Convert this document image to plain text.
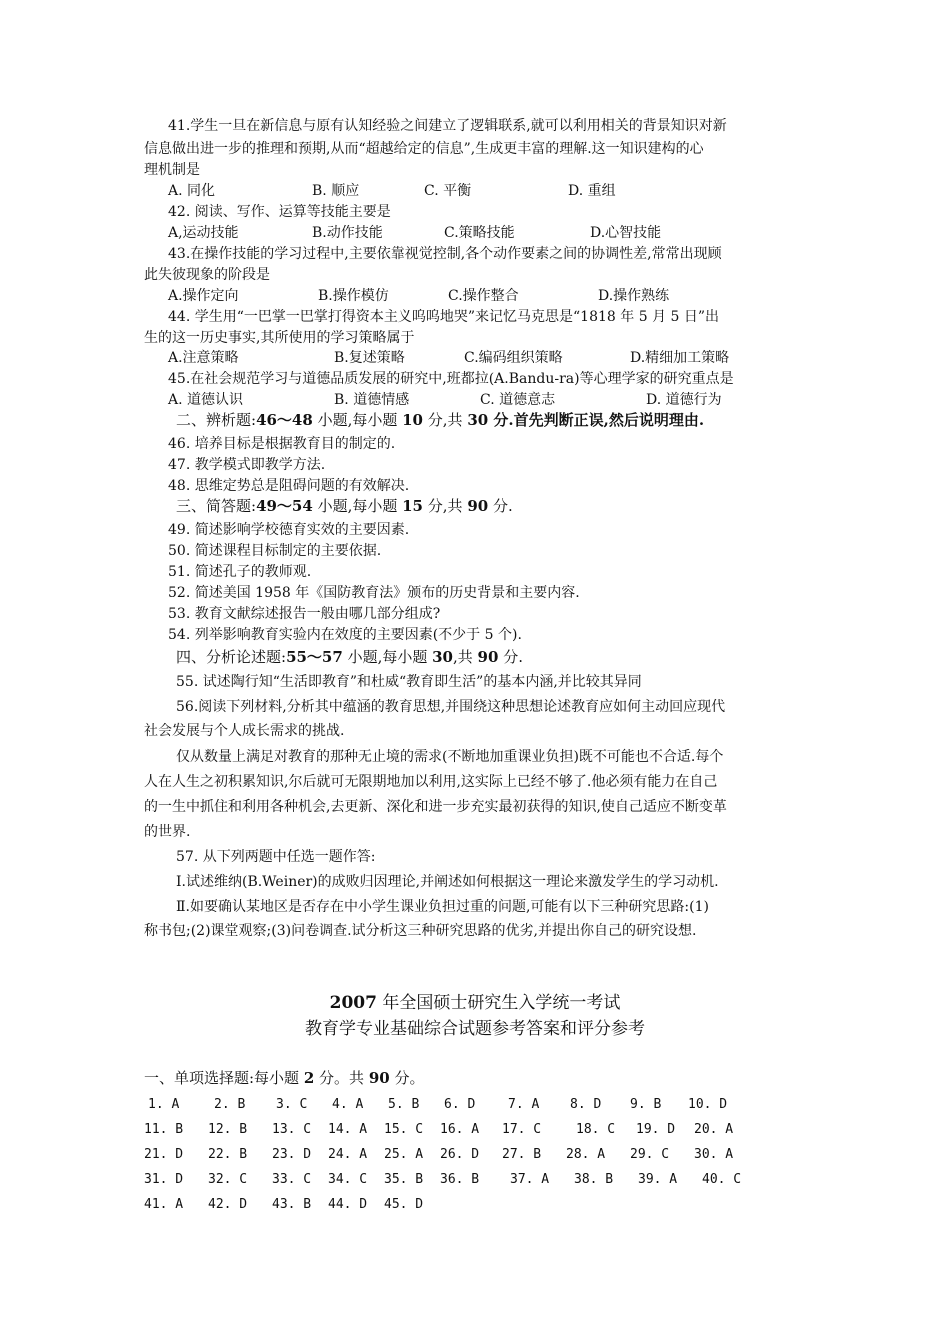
41.学生一旦在新信息与原有认知经验之间建立了逻辑联系,就可以利用相关的背景知识对新
信息做出进一步的推理和预期,从而“超越给定的信息”,生成更丰富的理解.这一知识建构的心
理机制是
A. 同化	B. 顺应	C. 平衡	D. 重组
42. 阅读、写作、运算等技能主要是
A,运动技能	B.动作技能	C.策略技能	D.心智技能
43.在操作技能的学习过程中,主要依靠视觉控制,各个动作要素之间的协调性差,常常出现顾
此失彼现象的阶段是
A.操作定向	B.操作模仿	C.操作整合	D.操作熟练
44. 学生用“一巴掌一巴掌打得资本主义呜呜地哭”来记忆马克思是“1818 年 5 月 5 日”出
生的这一历史事实,其所使用的学习策略属于
A.注意策略	B.复述策略	C.编码组织策略	D.精细加工策略
45.在社会规范学习与道德品质发展的研究中,班都拉(A.Bandu-ra)等心理学家的研究重点是
A. 道德认识	B. 道德情感	C. 道德意志	D. 道德行为
二、辨析题:46～48 小题,每小题 10 分,共 30 分.首先判断正误,然后说明理由.
46. 培养目标是根据教育目的制定的.
47. 教学模式即教学方法.
48. 思维定势总是阻碍问题的有效解决.
三、简答题:49～54 小题,每小题 15 分,共 90 分.
49. 简述影响学校德育实效的主要因素.
50. 简述课程目标制定的主要依据.
51. 简述孔子的教师观.
52. 简述美国 1958 年《国防教育法》颁布的历史背景和主要内容.
53. 教育文献综述报告一般由哪几部分组成?
54. 列举影响教育实验内在效度的主要因素(不少于 5 个).
四、分析论述题:55～57 小题,每小题 30,共 90 分.
55. 试述陶行知“生活即教育”和杜威“教育即生活”的基本内涵,并比较其异同
56.阅读下列材料,分析其中蕴涵的教育思想,并围绕这种思想论述教育应如何主动回应现代
社会发展与个人成长需求的挑战.
仅从数量上满足对教育的那种无止境的需求(不断地加重课业负担)既不可能也不合适.每个
人在人生之初积累知识,尔后就可无限期地加以利用,这实际上已经不够了.他必须有能力在自己
的一生中抓住和利用各种机会,去更新、深化和进一步充实最初获得的知识,使自己适应不断变革
的世界.
57. 从下列两题中任选一题作答:
Ⅰ.试述维纳(B.Weiner)的成败归因理论,并阐述如何根据这一理论来激发学生的学习动机.
Ⅱ.如要确认某地区是否存在中小学生课业负担过重的问题,可能有以下三种研究思路:(1)
称书包;(2)课堂观察;(3)问卷调查.试分析这三种研究思路的优劣,并提出你自己的研究设想.
2007 年全国硕士研究生入学统一考试
教育学专业基础综合试题参考答案和评分参考
一、单项选择题:每小题 2 分。共 90 分。
1. A	2. B 3. C 4. A 5. B 6. D	7. A 8. D 9. B 10. D
11. B 12. B 13. C 14. A 15. C 16. A 17. C	18. C 19. D 20. A
21. D 22. B 23. D 24. A 25. A 26. D 27. B 28. A 29. C 30. A
31. D 32. C 33. C 34. C 35. B 36. B 37. A 38. B 39. A 40. C
41. A 42. D 43. B 44. D 45. D
